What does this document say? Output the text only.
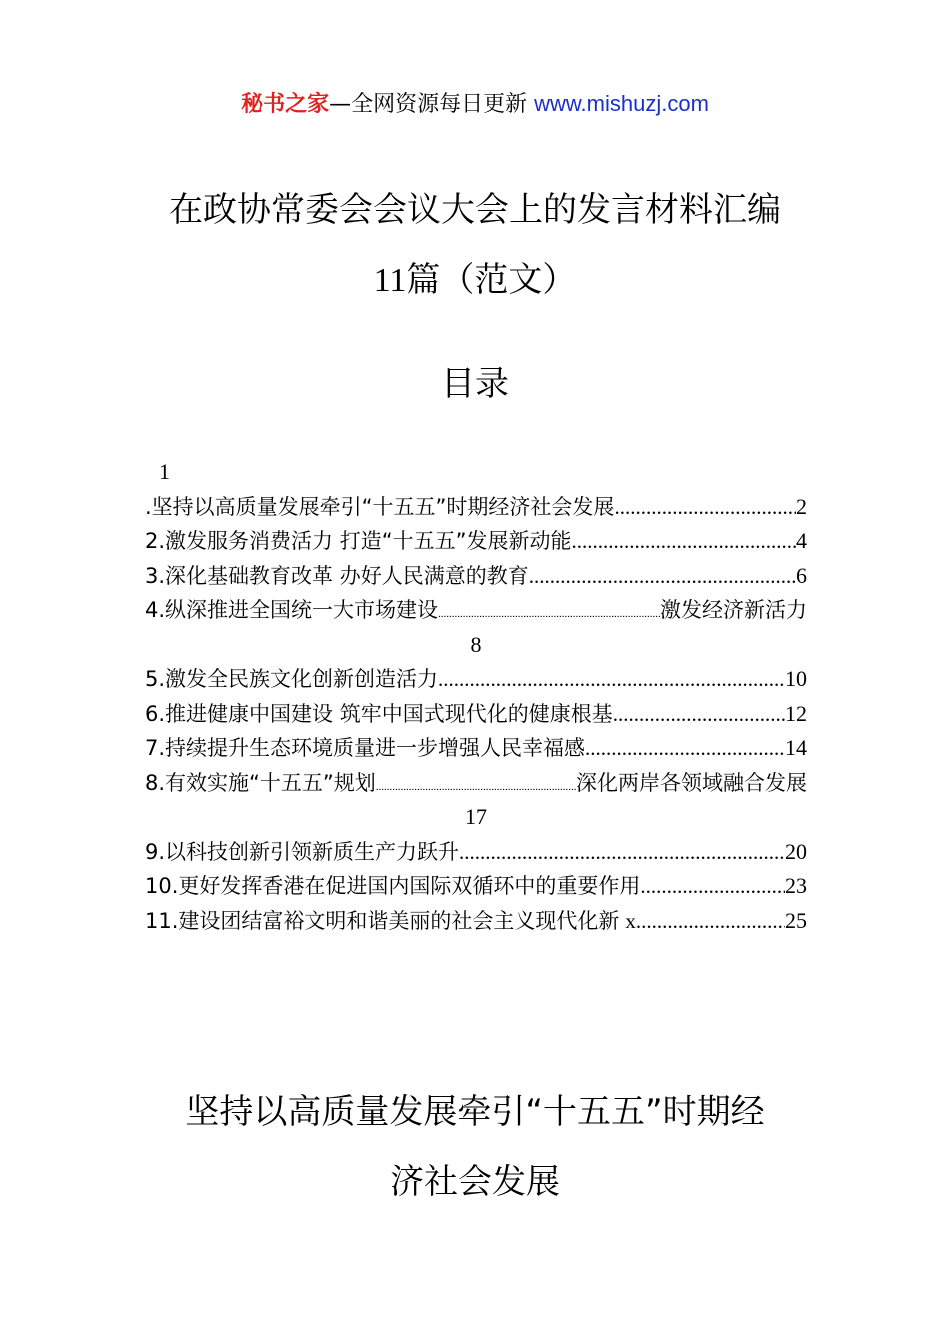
秘书之家—全网资源每日更新 www.mishuzj.com
在政协常委会会议大会上的发言材料汇编
11篇（范文）
目录
1
.坚持以高质量发展牵引“十五五”时期经济社会发展 .....	2
2.激发服务消费活力 打造“十五五”发展新动能 .....	4
3.深化基础教育改革 办好人民满意的教育 .....	6
4.纵深推进全国统一大市场建设 .....	激发经济新活力
8
5.激发全民族文化创新创造活力 .....	10
6.推进健康中国建设 筑牢中国式现代化的健康根基 .....	12
7.持续提升生态环境质量进一步增强人民幸福感 .....	14
8.有效实施“十五五”规划 .....	深化两岸各领域融合发展
17
9.以科技创新引领新质生产力跃升 .....	20
10.更好发挥香港在促进国内国际双循环中的重要作用 .....	23
11.建设团结富裕文明和谐美丽的社会主义现代化新 x .....	25
坚持以高质量发展牵引“十五五”时期经
济社会发展
